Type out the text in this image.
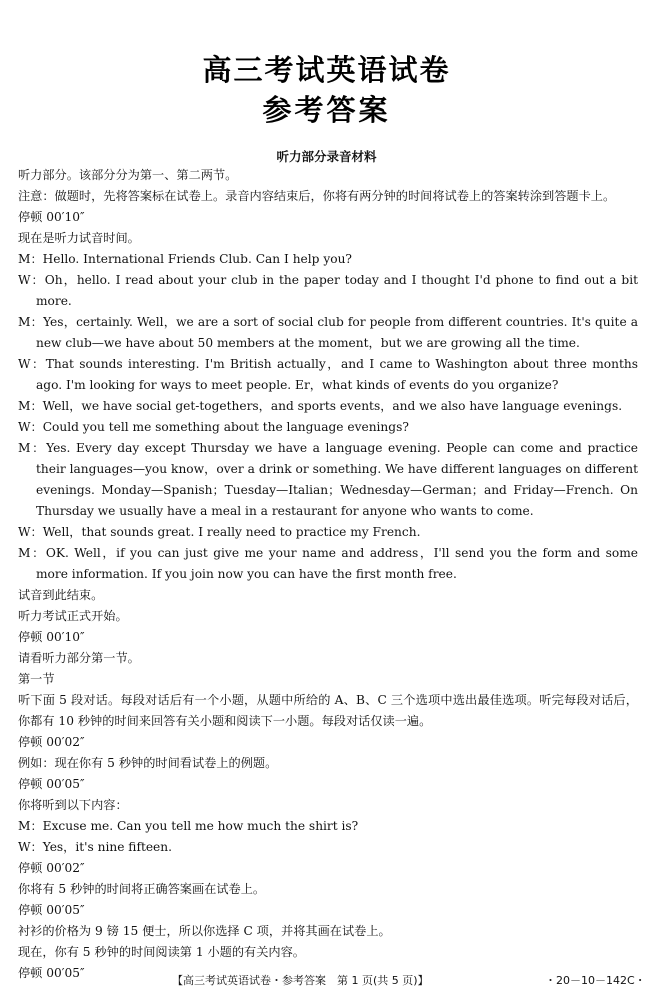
高三考试英语试卷
参考答案
听力部分录音材料

听力部分。该部分分为第一、第二两节。

注意：做题时，先将答案标在试卷上。录音内容结束后，你将有两分钟的时间将试卷上的答案转涂到答题卡上。

停顿 00′10″

现在是听力试音时间。

M：Hello. International Friends Club. Can I help you?

W：Oh，hello. I read about your club in the paper today and I thought I'd phone to find out a bit more.

M：Yes，certainly. Well，we are a sort of social club for people from different countries. It's quite a new club—we have about 50 members at the moment，but we are growing all the time.

W：That sounds interesting. I'm British actually，and I came to Washington about three months ago. I'm looking for ways to meet people. Er，what kinds of events do you organize?

M：Well，we have social get-togethers，and sports events，and we also have language evenings.

W：Could you tell me something about the language evenings?

M：Yes. Every day except Thursday we have a language evening. People can come and practice their languages—you know，over a drink or something. We have different languages on different evenings. Monday—Spanish；Tuesday—Italian；Wednesday—German；and Friday—French. On Thursday we usually have a meal in a restaurant for anyone who wants to come.

W：Well，that sounds great. I really need to practice my French.

M：OK. Well，if you can just give me your name and address，I'll send you the form and some more information. If you join now you can have the first month free.

试音到此结束。

听力考试正式开始。

停顿 00′10″

请看听力部分第一节。

第一节

听下面 5 段对话。每段对话后有一个小题，从题中所给的 A、B、C 三个选项中选出最佳选项。听完每段对话后，你都有 10 秒钟的时间来回答有关小题和阅读下一小题。每段对话仅读一遍。

停顿 00′02″

例如：现在你有 5 秒钟的时间看试卷上的例题。

停顿 00′05″

你将听到以下内容：

M：Excuse me. Can you tell me how much the shirt is?

W：Yes，it's nine fifteen.

停顿 00′02″

你将有 5 秒钟的时间将正确答案画在试卷上。

停顿 00′05″

衬衫的价格为 9 镑 15 便士，所以你选择 C 项，并将其画在试卷上。

现在，你有 5 秒钟的时间阅读第 1 小题的有关内容。

停顿 00′05″

【高三考试英语试卷・参考答案　第 1 页(共 5 页)】	・20－10－142C・
